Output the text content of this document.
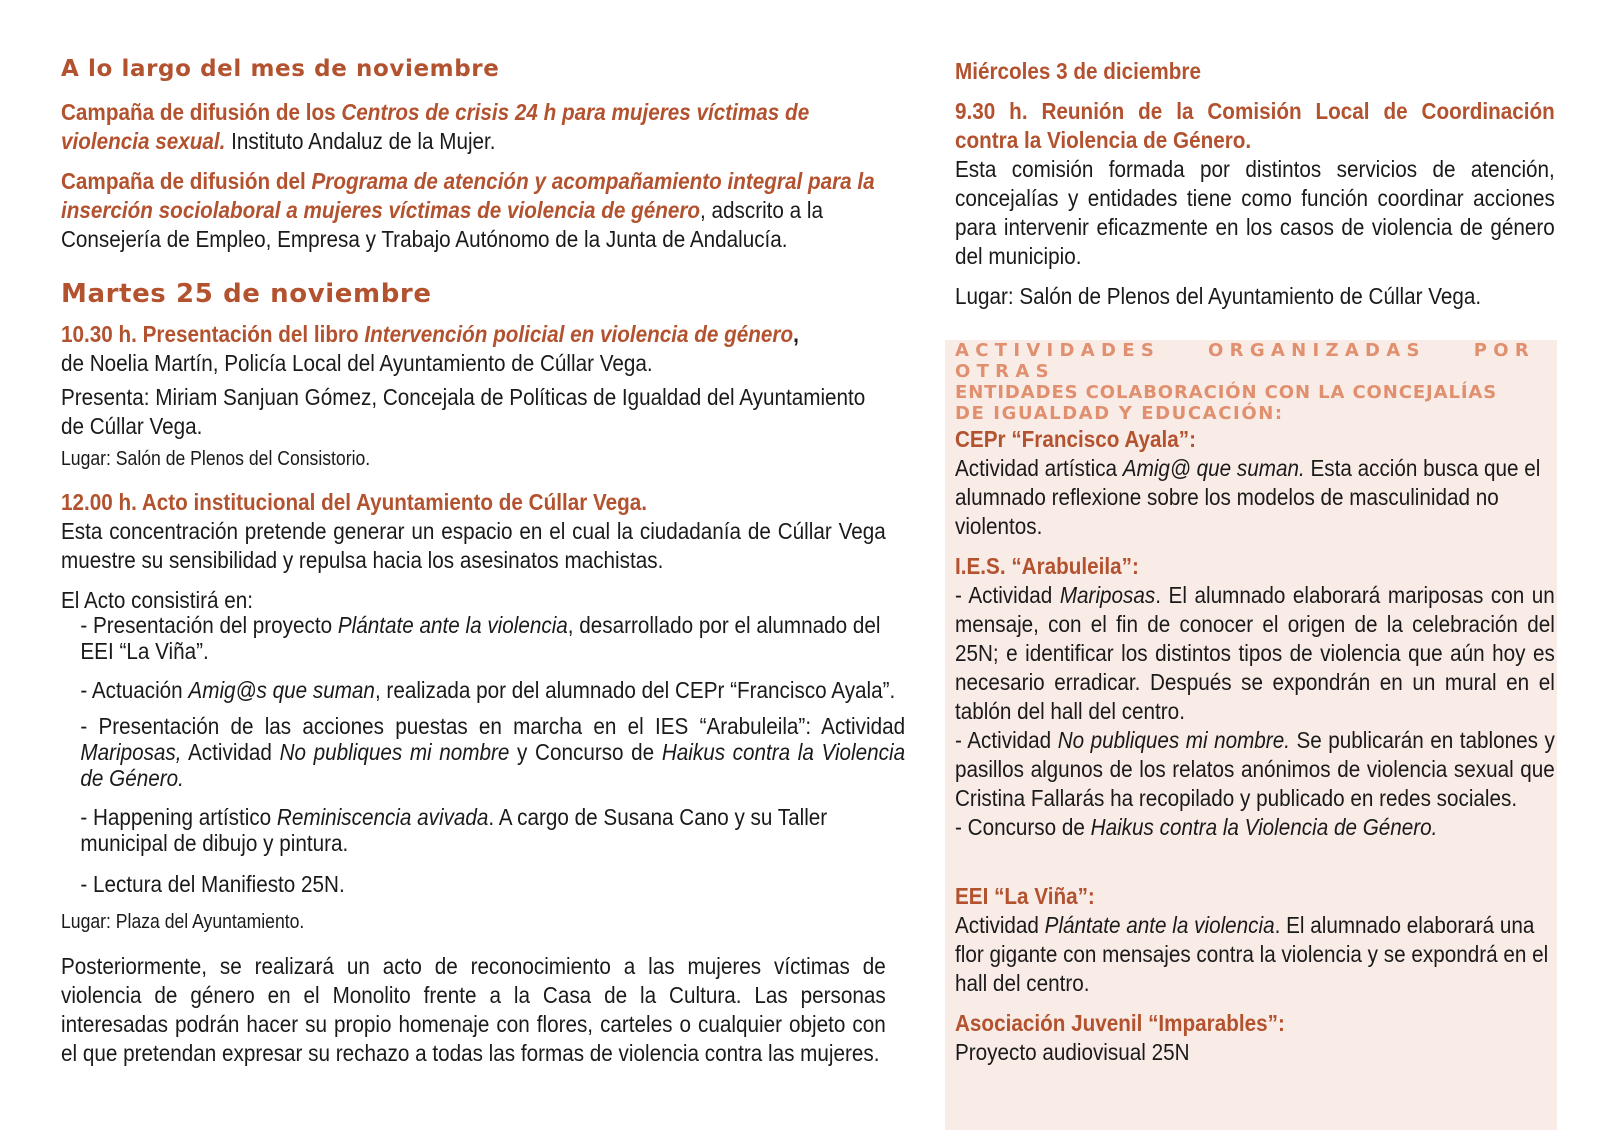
A lo largo del mes de noviembre

Campaña de difusión de los Centros de crisis 24 h para mujeres víctimas de violencia sexual. Instituto Andaluz de la Mujer.

Campaña de difusión del Programa de atención y acompañamiento integral para la inserción sociolaboral a mujeres víctimas de violencia de género, adscrito a la Consejería de Empleo, Empresa y Trabajo Autónomo de la Junta de Andalucía.

Martes 25 de noviembre

10.30 h. Presentación del libro Intervención policial en violencia de género,
de Noelia Martín, Policía Local del Ayuntamiento de Cúllar Vega.

Presenta: Miriam Sanjuan Gómez, Concejala de Políticas de Igualdad del Ayuntamiento de Cúllar Vega.

Lugar: Salón de Plenos del Consistorio.

12.00 h. Acto institucional del Ayuntamiento de Cúllar Vega.

Esta concentración pretende generar un espacio en el cual la ciudadanía de Cúllar Vega muestre su sensibilidad y repulsa hacia los asesinatos machistas.

El Acto consistirá en:

- Presentación del proyecto Plántate ante la violencia, desarrollado por el alumnado del EEI “La Viña”.

- Actuación Amig@s que suman, realizada por del alumnado del CEPr “Francisco Ayala”.

- Presentación de las acciones puestas en marcha en el IES “Arabuleila”: Actividad Mariposas, Actividad No publiques mi nombre y Concurso de Haikus contra la Violencia de Género.

- Happening artístico Reminiscencia avivada. A cargo de Susana Cano y su Taller municipal de dibujo y pintura.

- Lectura del Manifiesto 25N.

Lugar: Plaza del Ayuntamiento.

Posteriormente, se realizará un acto de reconocimiento a las mujeres víctimas de violencia de género en el Monolito frente a la Casa de la Cultura. Las personas interesadas podrán hacer su propio homenaje con flores, carteles o cualquier objeto con el que pretendan expresar su rechazo a todas las formas de violencia contra las mujeres.

Miércoles 3 de diciembre

9.30 h. Reunión de la Comisión Local de Coordinación contra la Violencia de Género.
Esta comisión formada por distintos servicios de atención, concejalías y entidades tiene como función coordinar acciones para intervenir eficazmente en los casos de violencia de género del municipio.

Lugar: Salón de Plenos del Ayuntamiento de Cúllar Vega.

ACTIVIDADES ORGANIZADAS POR OTRAS

ENTIDADES COLABORACIÓN CON LA CONCEJALÍAS

DE IGUALDAD Y EDUCACIÓN:

CEPr “Francisco Ayala”:
Actividad artística Amig@ que suman. Esta acción busca que el alumnado reflexione sobre los modelos de masculinidad no violentos.

I.E.S. “Arabuleila”:
- Actividad Mariposas. El alumnado elaborará mariposas con un mensaje, con el fin de conocer el origen de la celebración del 25N; e identificar los distintos tipos de violencia que aún hoy es necesario erradicar. Después se expondrán en un mural en el tablón del hall del centro.
- Actividad No publiques mi nombre. Se publicarán en tablones y pasillos algunos de los relatos anónimos de violencia sexual que Cristina Fallarás ha recopilado y publicado en redes sociales.
- Concurso de Haikus contra la Violencia de Género.

EEI “La Viña”:
Actividad Plántate ante la violencia. El alumnado elaborará una flor gigante con mensajes contra la violencia y se expondrá en el hall del centro.

Asociación Juvenil “Imparables”:
Proyecto audiovisual 25N
